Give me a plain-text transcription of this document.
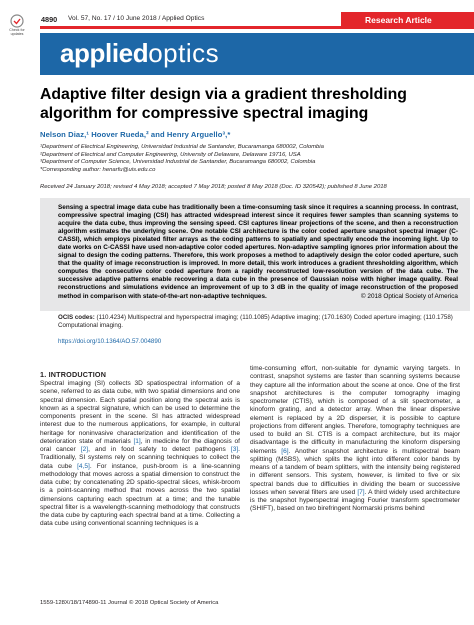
Check for
updates
4890 Vol. 57, No. 17 / 10 June 2018 / Applied Optics	Research Article
appliedoptics
Adaptive filter design via a gradient thresholding algorithm for compressive spectral imaging
Nelson Diaz,¹ Hoover Rueda,² and Henry Arguello³,*
¹Department of Electrical Engineering, Universidad Industrial de Santander, Bucaramanga 680002, Colombia
²Department of Electrical and Computer Engineering, University of Delaware, Delaware 19716, USA
³Department of Computer Science, Universidad Industrial de Santander, Bucaramanga 680002, Colombia
*Corresponding author: henarfu@uis.edu.co
Received 24 January 2018; revised 4 May 2018; accepted 7 May 2018; posted 8 May 2018 (Doc. ID 320542); published 8 June 2018
Sensing a spectral image data cube has traditionally been a time-consuming task since it requires a scanning process. In contrast, compressive spectral imaging (CSI) has attracted widespread interest since it requires fewer samples than scanning systems to acquire the data cube, thus improving the sensing speed. CSI captures linear projections of the scene, and then a reconstruction algorithm estimates the underlying scene. One notable CSI architecture is the color coded aperture snapshot spectral imager (C-CASSI), which employs pixelated filter arrays as the coding patterns to spatially and spectrally encode the incoming light. Up to date works on C-CASSI have used non-adaptive color coded apertures. Non-adaptive sampling ignores prior information about the signal to design the coding patterns. Therefore, this work proposes a method to adaptively design the color coded aperture, such that the quality of image reconstruction is improved. In more detail, this work introduces a gradient thresholding algorithm, which computes the consecutive color coded aperture from a rapidly reconstructed low-resolution version of the data cube. The successive adaptive patterns enable recovering a data cube in the presence of Gaussian noise with higher image quality. Real reconstructions and simulations evidence an improvement of up to 3 dB in the quality of image reconstruction of the proposed method in comparison with state-of-the-art non-adaptive techniques.	© 2018 Optical Society of America
OCIS codes: (110.4234) Multispectral and hyperspectral imaging; (110.1085) Adaptive imaging; (170.1630) Coded aperture imaging; (110.1758) Computational imaging.
https://doi.org/10.1364/AO.57.004890
1. INTRODUCTION
Spectral imaging (SI) collects 3D spatiospectral information of a scene, referred to as data cube, with two spatial dimensions and one spectral dimension. Each spatial position along the spectral axis is known as a spectral signature, which can be used to determine the components present in the scene. SI has attracted widespread interest due to the numerous applications, for example, in cultural heritage for noninvasive characterization and identification of the deterioration state of materials [1], in medicine for the diagnosis of oral cancer [2], and in food safety to detect pathogens [3]. Traditionally, SI systems rely on scanning techniques to collect the data cube [4,5]. For instance, push-broom is a line-scanning methodology that moves across a spatial dimension to construct the data cube; by concatenating 2D spatio-spectral slices, whisk-broom is a point-scanning method that moves across the two spatial dimensions capturing each spectrum at a time; and the tunable spectral filter is a wavelength-scanning methodology that constructs the data cube by capturing each spectral band at a time. Collecting a data cube using conventional scanning techniques is a
time-consuming effort, non-suitable for dynamic varying targets. In contrast, snapshot systems are faster than scanning systems because they capture all the information about the scene at once. One of the first snapshot architectures is the computer tomography imaging spectrometer (CTIS), which is composed of a slit spectrometer, a kinoform grating, and a detector array. When the linear dispersive element is replaced by a 2D disperser, it is possible to capture projections from different angles. Therefore, tomography techniques are used to build an SI. CTIS is a compact architecture, but its major disadvantage is the difficulty in manufacturing the kinoform dispersing elements [6]. Another snapshot architecture is multispectral beam splitting (MSBS), which splits the light into different color bands by means of a tandem of beam splitters, with the intensity being registered in different sensors. This system, however, is limited to five or six spectral bands due to difficulties in dividing the beam or successive losses when several filters are used [7]. A third widely used architecture is the snapshot hyperspectral imaging Fourier transform spectrometer (SHIFT), based on two birefringent Normarski prisms behind
1559-128X/18/174890-11 Journal © 2018 Optical Society of America
